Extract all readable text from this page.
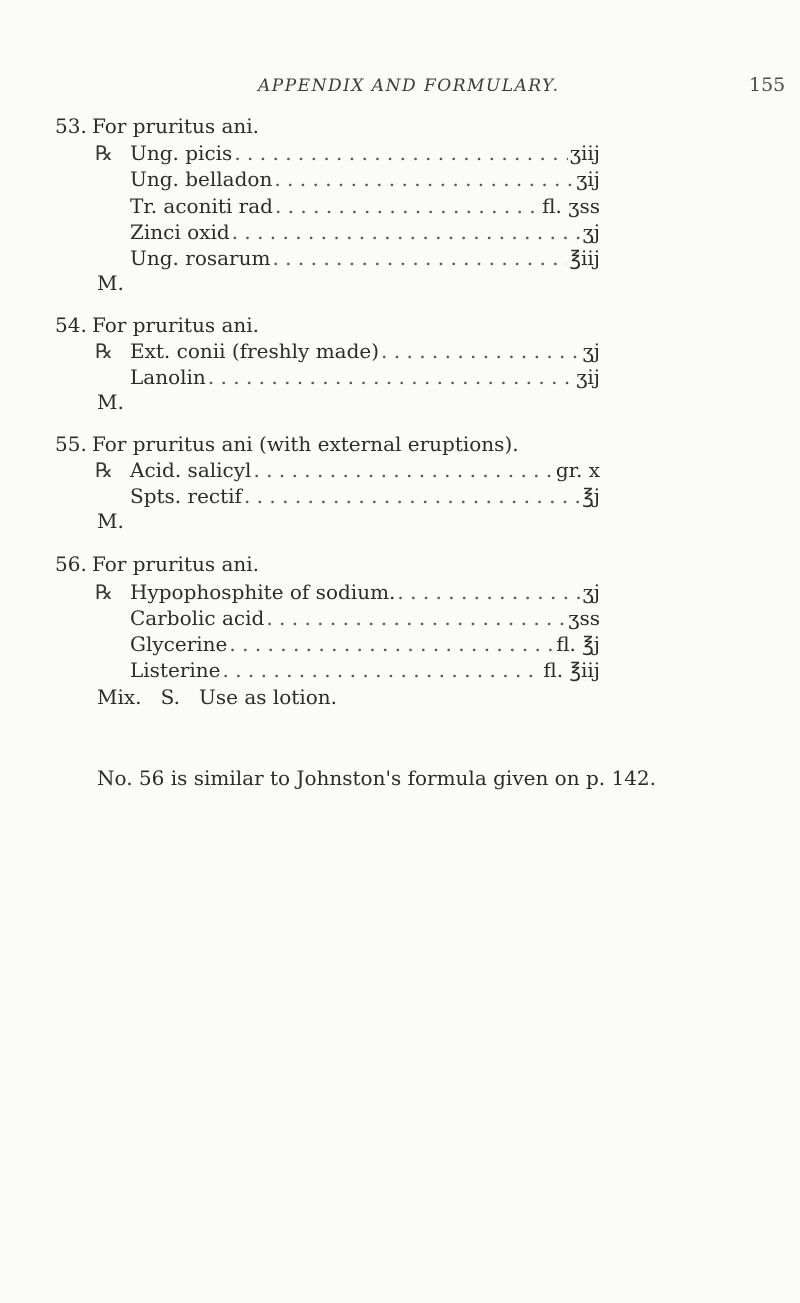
APPENDIX AND FORMULARY.	155
53. For pruritus ani.
℞ Ung. picis . . .	ʒiij
Ung. belladon . . .	ʒij
Tr. aconiti rad . . .	fl. ʒss
Zinci oxid . . .	ʒj
Ung. rosarum . . .	℥iij
M.
54. For pruritus ani.
℞ Ext. conii (freshly made) . . .	ʒj
Lanolin . . .	ʒij
M.
55. For pruritus ani (with external eruptions).
℞ Acid. salicyl . . .	gr. x
Spts. rectif . . .	℥j
M.
56. For pruritus ani.
℞ Hypophosphite of sodium. . . .	ʒj
Carbolic acid . . .	ʒss
Glycerine . . .	fl. ℥j
Listerine . . .	fl. ℥iij
Mix.   S.   Use as lotion.
No. 56 is similar to Johnston's formula given on p. 142.
